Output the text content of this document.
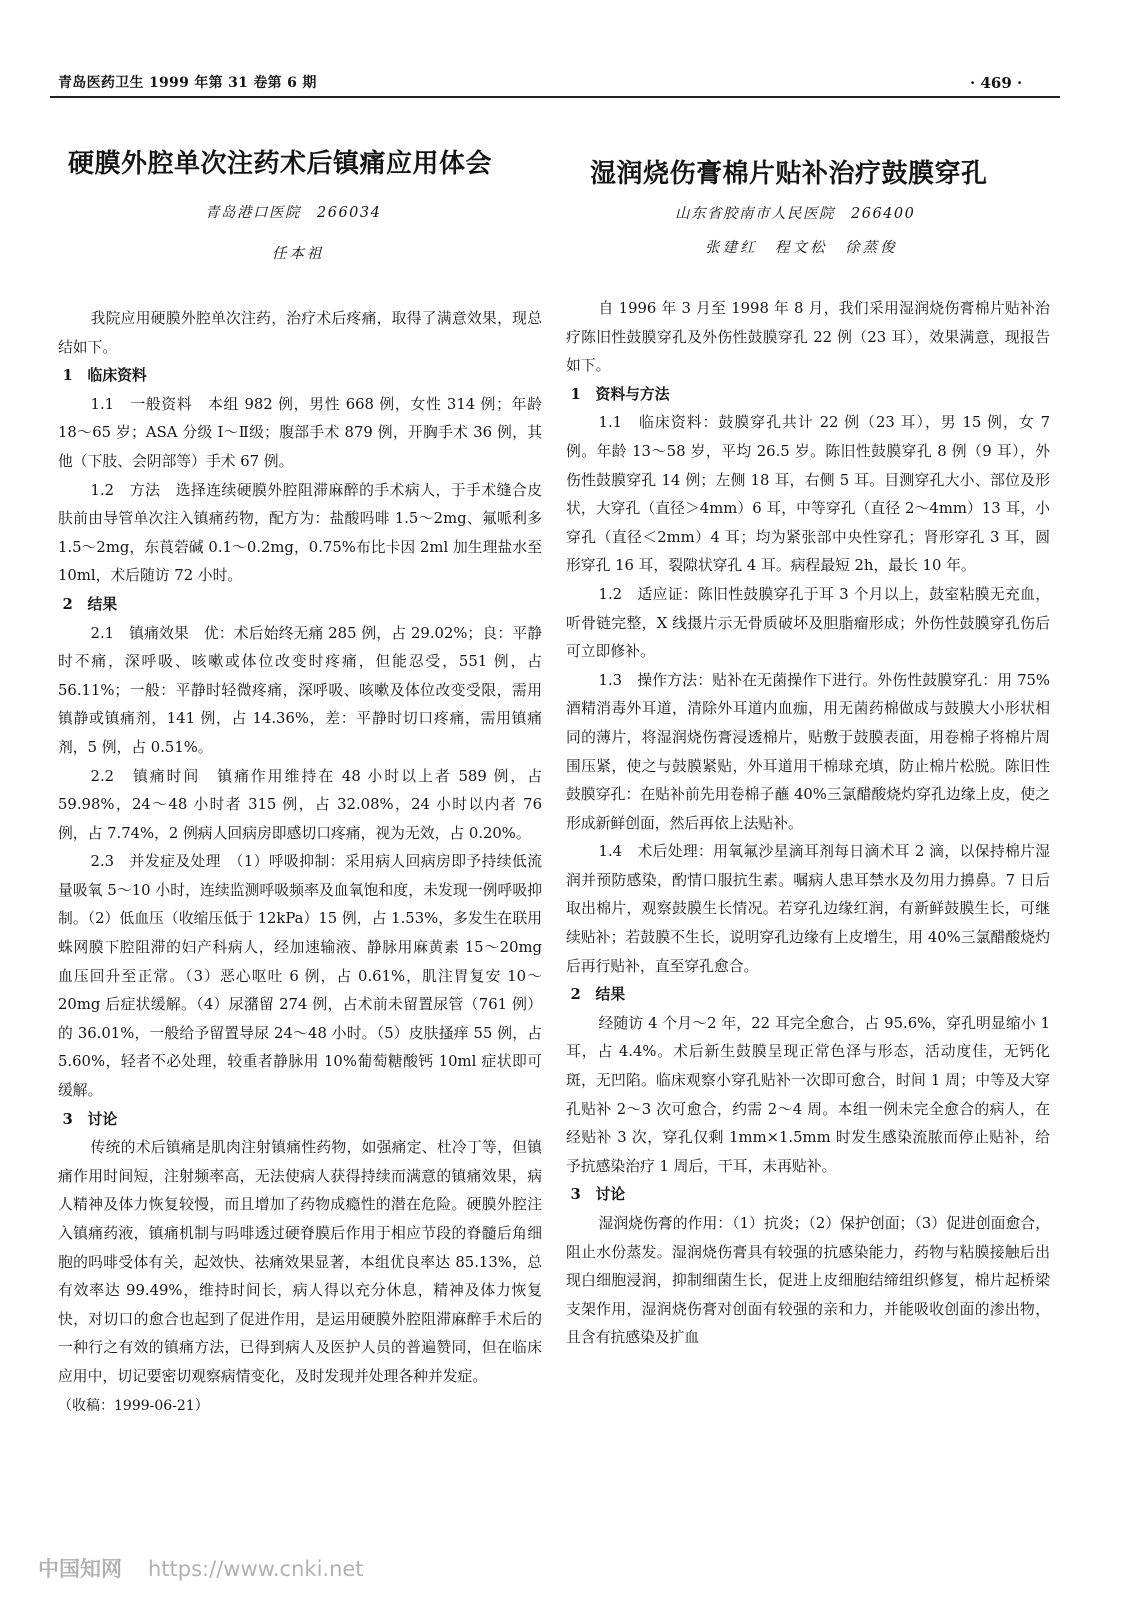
青岛医药卫生 1999 年第 31 卷第 6 期	· 469 ·
硬膜外腔单次注药术后镇痛应用体会
青岛港口医院　266034
任本祖

我院应用硬膜外腔单次注药，治疗术后疼痛，取得了满意效果，现总结如下。

1　临床资料

1.1　一般资料　本组 982 例，男性 668 例，女性 314 例；年龄 18～65 岁；ASA 分级 Ⅰ～Ⅱ级；腹部手术 879 例，开胸手术 36 例，其他（下肢、会阴部等）手术 67 例。

1.2　方法　选择连续硬膜外腔阻滞麻醉的手术病人，于手术缝合皮肤前由导管单次注入镇痛药物，配方为：盐酸吗啡 1.5～2mg、氟哌利多 1.5～2mg，东莨菪碱 0.1～0.2mg，0.75%布比卡因 2ml 加生理盐水至 10ml，术后随访 72 小时。

2　结果

2.1　镇痛效果　优：术后始终无痛 285 例，占 29.02%；良：平静时不痛，深呼吸、咳嗽或体位改变时疼痛，但能忍受，551 例，占 56.11%；一般：平静时轻微疼痛，深呼吸、咳嗽及体位改变受限，需用镇静或镇痛剂，141 例，占 14.36%，差：平静时切口疼痛，需用镇痛剂，5 例，占 0.51%。

2.2　镇痛时间　镇痛作用维持在 48 小时以上者 589 例，占 59.98%，24～48 小时者 315 例，占 32.08%，24 小时以内者 76 例，占 7.74%，2 例病人回病房即感切口疼痛，视为无效，占 0.20%。

2.3　并发症及处理　（1）呼吸抑制：采用病人回病房即予持续低流量吸氧 5～10 小时，连续监测呼吸频率及血氧饱和度，未发现一例呼吸抑制。（2）低血压（收缩压低于 12kPa）15 例，占 1.53%，多发生在联用蛛网膜下腔阻滞的妇产科病人，经加速输液、静脉用麻黄素 15～20mg 血压回升至正常。（3）恶心呕吐 6 例，占 0.61%，肌注胃复安 10～20mg 后症状缓解。（4）尿潴留 274 例，占术前未留置尿管（761 例）的 36.01%，一般给予留置导尿 24～48 小时。（5）皮肤搔痒 55 例，占 5.60%，轻者不必处理，较重者静脉用 10%葡萄糖酸钙 10ml 症状即可缓解。

3　讨论

传统的术后镇痛是肌肉注射镇痛性药物，如强痛定、杜冷丁等，但镇痛作用时间短，注射频率高，无法使病人获得持续而满意的镇痛效果，病人精神及体力恢复较慢，而且增加了药物成瘾性的潜在危险。硬膜外腔注入镇痛药液，镇痛机制与吗啡透过硬脊膜后作用于相应节段的脊髓后角细胞的吗啡受体有关，起效快、祛痛效果显著，本组优良率达 85.13%，总有效率达 99.49%，维持时间长，病人得以充分休息，精神及体力恢复快，对切口的愈合也起到了促进作用，是运用硬膜外腔阻滞麻醉手术后的一种行之有效的镇痛方法，已得到病人及医护人员的普遍赞同，但在临床应用中，切记要密切观察病情变化，及时发现并处理各种并发症。

（收稿：1999-06-21）

湿润烧伤膏棉片贴补治疗鼓膜穿孔
山东省胶南市人民医院　266400
张建红　程文松　徐蒸俊

自 1996 年 3 月至 1998 年 8 月，我们采用湿润烧伤膏棉片贴补治疗陈旧性鼓膜穿孔及外伤性鼓膜穿孔 22 例（23 耳），效果满意，现报告如下。

1　资料与方法

1.1　临床资料：鼓膜穿孔共计 22 例（23 耳），男 15 例，女 7 例。年龄 13～58 岁，平均 26.5 岁。陈旧性鼓膜穿孔 8 例（9 耳），外伤性鼓膜穿孔 14 例；左侧 18 耳，右侧 5 耳。目测穿孔大小、部位及形状，大穿孔（直径＞4mm）6 耳，中等穿孔（直径 2～4mm）13 耳，小穿孔（直径＜2mm）4 耳；均为紧张部中央性穿孔；肾形穿孔 3 耳，圆形穿孔 16 耳，裂隙状穿孔 4 耳。病程最短 2h，最长 10 年。

1.2　适应证：陈旧性鼓膜穿孔于耳 3 个月以上，鼓室粘膜无充血，听骨链完整，X 线摄片示无骨质破坏及胆脂瘤形成；外伤性鼓膜穿孔伤后可立即修补。

1.3　操作方法：贴补在无菌操作下进行。外伤性鼓膜穿孔：用 75%酒精消毒外耳道，清除外耳道内血痂，用无菌药棉做成与鼓膜大小形状相同的薄片，将湿润烧伤膏浸透棉片，贴敷于鼓膜表面，用卷棉子将棉片周围压紧，使之与鼓膜紧贴，外耳道用干棉球充填，防止棉片松脱。陈旧性鼓膜穿孔：在贴补前先用卷棉子蘸 40%三氯醋酸烧灼穿孔边缘上皮，使之形成新鲜创面，然后再依上法贴补。

1.4　术后处理：用氧氟沙星滴耳剂每日滴术耳 2 滴，以保持棉片湿润并预防感染，酌情口服抗生素。嘱病人患耳禁水及勿用力擤鼻。7 日后取出棉片，观察鼓膜生长情况。若穿孔边缘红润，有新鲜鼓膜生长，可继续贴补；若鼓膜不生长，说明穿孔边缘有上皮增生，用 40%三氯醋酸烧灼后再行贴补，直至穿孔愈合。

2　结果

经随访 4 个月～2 年，22 耳完全愈合，占 95.6%，穿孔明显缩小 1 耳，占 4.4%。术后新生鼓膜呈现正常色泽与形态，活动度佳，无钙化斑，无凹陷。临床观察小穿孔贴补一次即可愈合，时间 1 周；中等及大穿孔贴补 2～3 次可愈合，约需 2～4 周。本组一例未完全愈合的病人，在经贴补 3 次，穿孔仅剩 1mm×1.5mm 时发生感染流脓而停止贴补，给予抗感染治疗 1 周后，干耳，未再贴补。

3　讨论

湿润烧伤膏的作用：（1）抗炎；（2）保护创面；（3）促进创面愈合，阻止水份蒸发。湿润烧伤膏具有较强的抗感染能力，药物与粘膜接触后出现白细胞浸润，抑制细菌生长，促进上皮细胞结缔组织修复，棉片起桥梁支架作用，湿润烧伤膏对创面有较强的亲和力，并能吸收创面的渗出物，且含有抗感染及扩血

中国知网 https://www.cnki.net
